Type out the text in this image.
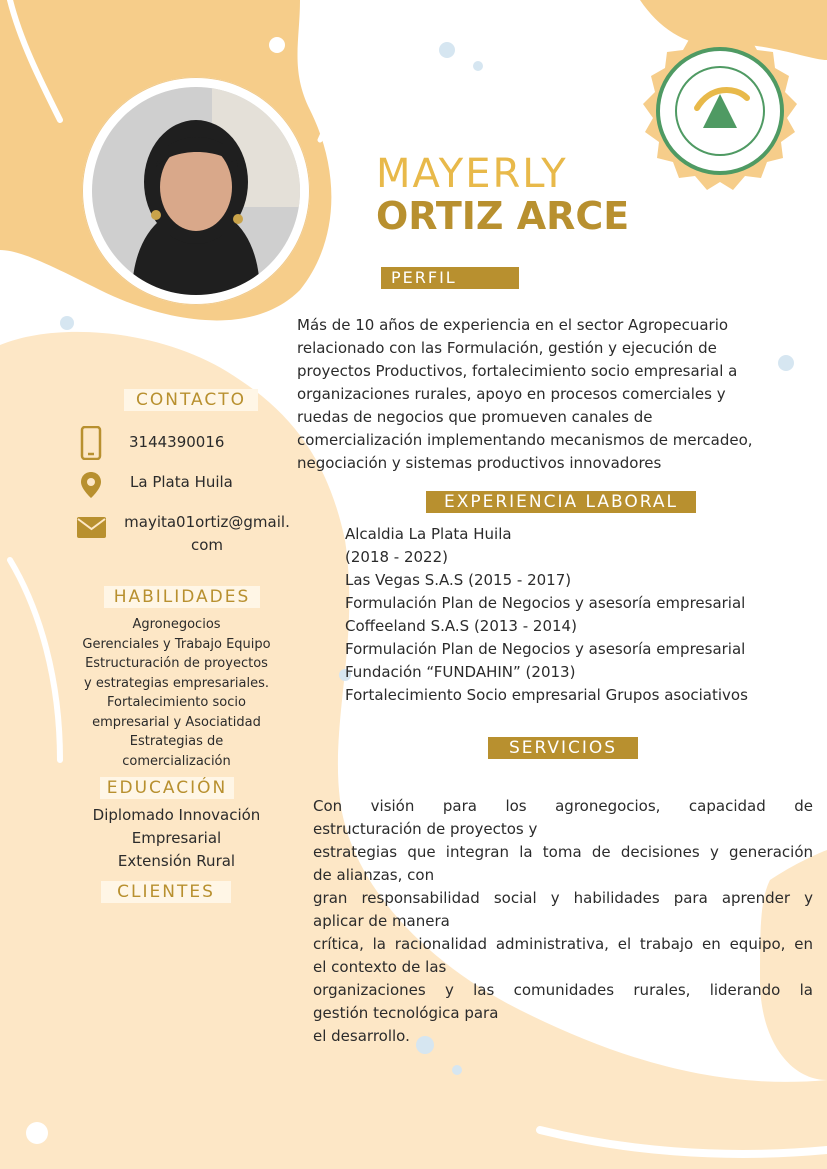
MAYERLY
ORTIZ ARCE
PERFIL
Más de 10 años de experiencia en el sector Agropecuario
relacionado con las Formulación, gestión y ejecución de
proyectos Productivos, fortalecimiento socio empresarial a
organizaciones rurales, apoyo en procesos comerciales y
ruedas de negocios que promueven canales de
comercialización implementando mecanismos de mercadeo,
negociación y sistemas productivos innovadores
CONTACTO
3144390016
La Plata Huila
mayita01ortiz@gmail.
com
HABILIDADES
Agronegocios
Gerenciales y Trabajo Equipo
Estructuración de proyectos
y estrategias empresariales.
Fortalecimiento socio
empresarial y Asociatidad
Estrategias de
comercialización
EDUCACIÓN
Diplomado Innovación
Empresarial
Extensión Rural
CLIENTES
EXPERIENCIA LABORAL
Alcaldia La Plata Huila
(2018 - 2022)
Las Vegas S.A.S (2015 - 2017)
Formulación Plan de Negocios y asesoría empresarial
Coffeeland S.A.S (2013 - 2014)
Formulación Plan de Negocios y asesoría empresarial
Fundación “FUNDAHIN” (2013)
Fortalecimiento Socio empresarial Grupos asociativos
SERVICIOS
Con visión para los agronegocios, capacidad de
estructuración de proyectos y
estrategias que integran la toma de decisiones y generación
de alianzas, con
gran responsabilidad social y habilidades para aprender y
aplicar de manera
crítica, la racionalidad administrativa, el trabajo en equipo, en
el contexto de las
organizaciones y las comunidades rurales, liderando la
gestión tecnológica para
el desarrollo.
